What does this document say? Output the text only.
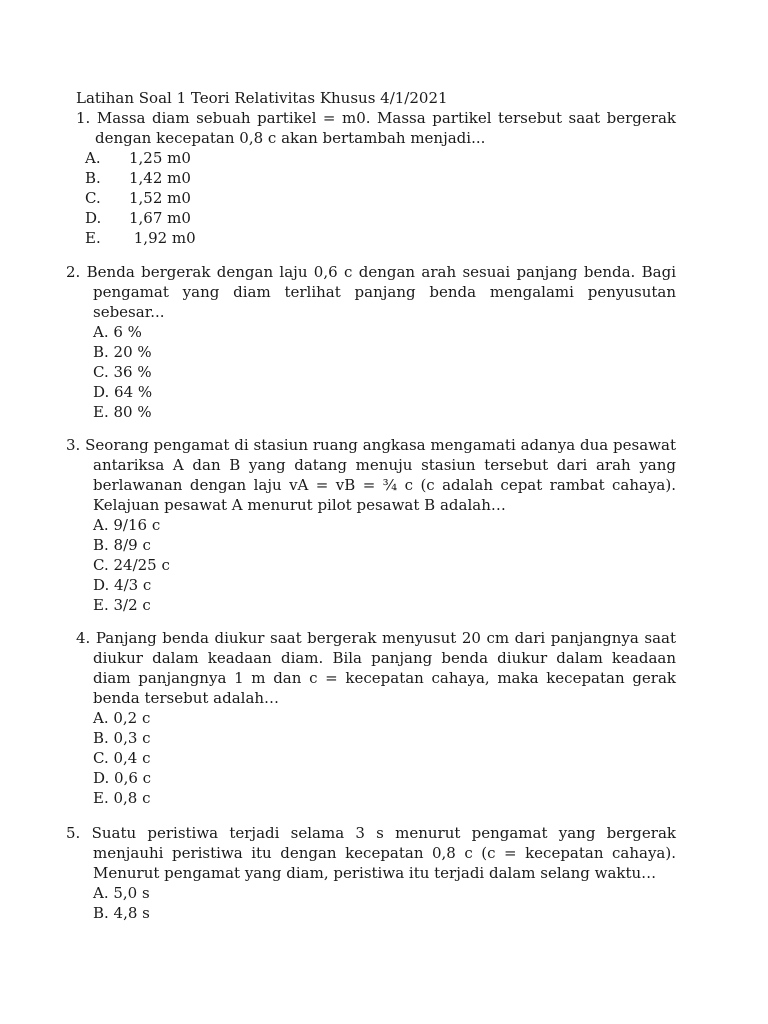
Latihan Soal 1 Teori Relativitas Khusus 4/1/2021
1. Massa diam sebuah partikel = m0. Massa partikel tersebut saat bergerak dengan kecepatan 0,8 c akan bertambah menjadi...
A. 1,25 m0
B. 1,42 m0
C. 1,52 m0
D. 1,67 m0
E. 1,92 m0
2. Benda bergerak dengan laju 0,6 c dengan arah sesuai panjang benda. Bagi pengamat yang diam terlihat panjang benda mengalami penyusutan sebesar...
A. 6 %
B. 20 %
C. 36 %
D. 64 %
E. 80 %
3. Seorang pengamat di stasiun ruang angkasa mengamati adanya dua pesawat antariksa A dan B yang datang menuju stasiun tersebut dari arah yang berlawanan dengan laju vA = vB = ¾ c (c adalah cepat rambat cahaya). Kelajuan pesawat A menurut pilot pesawat B adalah…
A. 9/16 c
B. 8/9 c
C. 24/25 c
D. 4/3 c
E. 3/2 c
4. Panjang benda diukur saat bergerak menyusut 20 cm dari panjangnya saat diukur dalam keadaan diam. Bila panjang benda diukur dalam keadaan diam panjangnya 1 m dan c = kecepatan cahaya, maka kecepatan gerak benda tersebut adalah…
A. 0,2 c
B. 0,3 c
C. 0,4 c
D. 0,6 c
E. 0,8 c
5. Suatu peristiwa terjadi selama 3 s menurut pengamat yang bergerak menjauhi peristiwa itu dengan kecepatan 0,8 c (c = kecepatan cahaya). Menurut pengamat yang diam, peristiwa itu terjadi dalam selang waktu…
A. 5,0 s
B. 4,8 s
